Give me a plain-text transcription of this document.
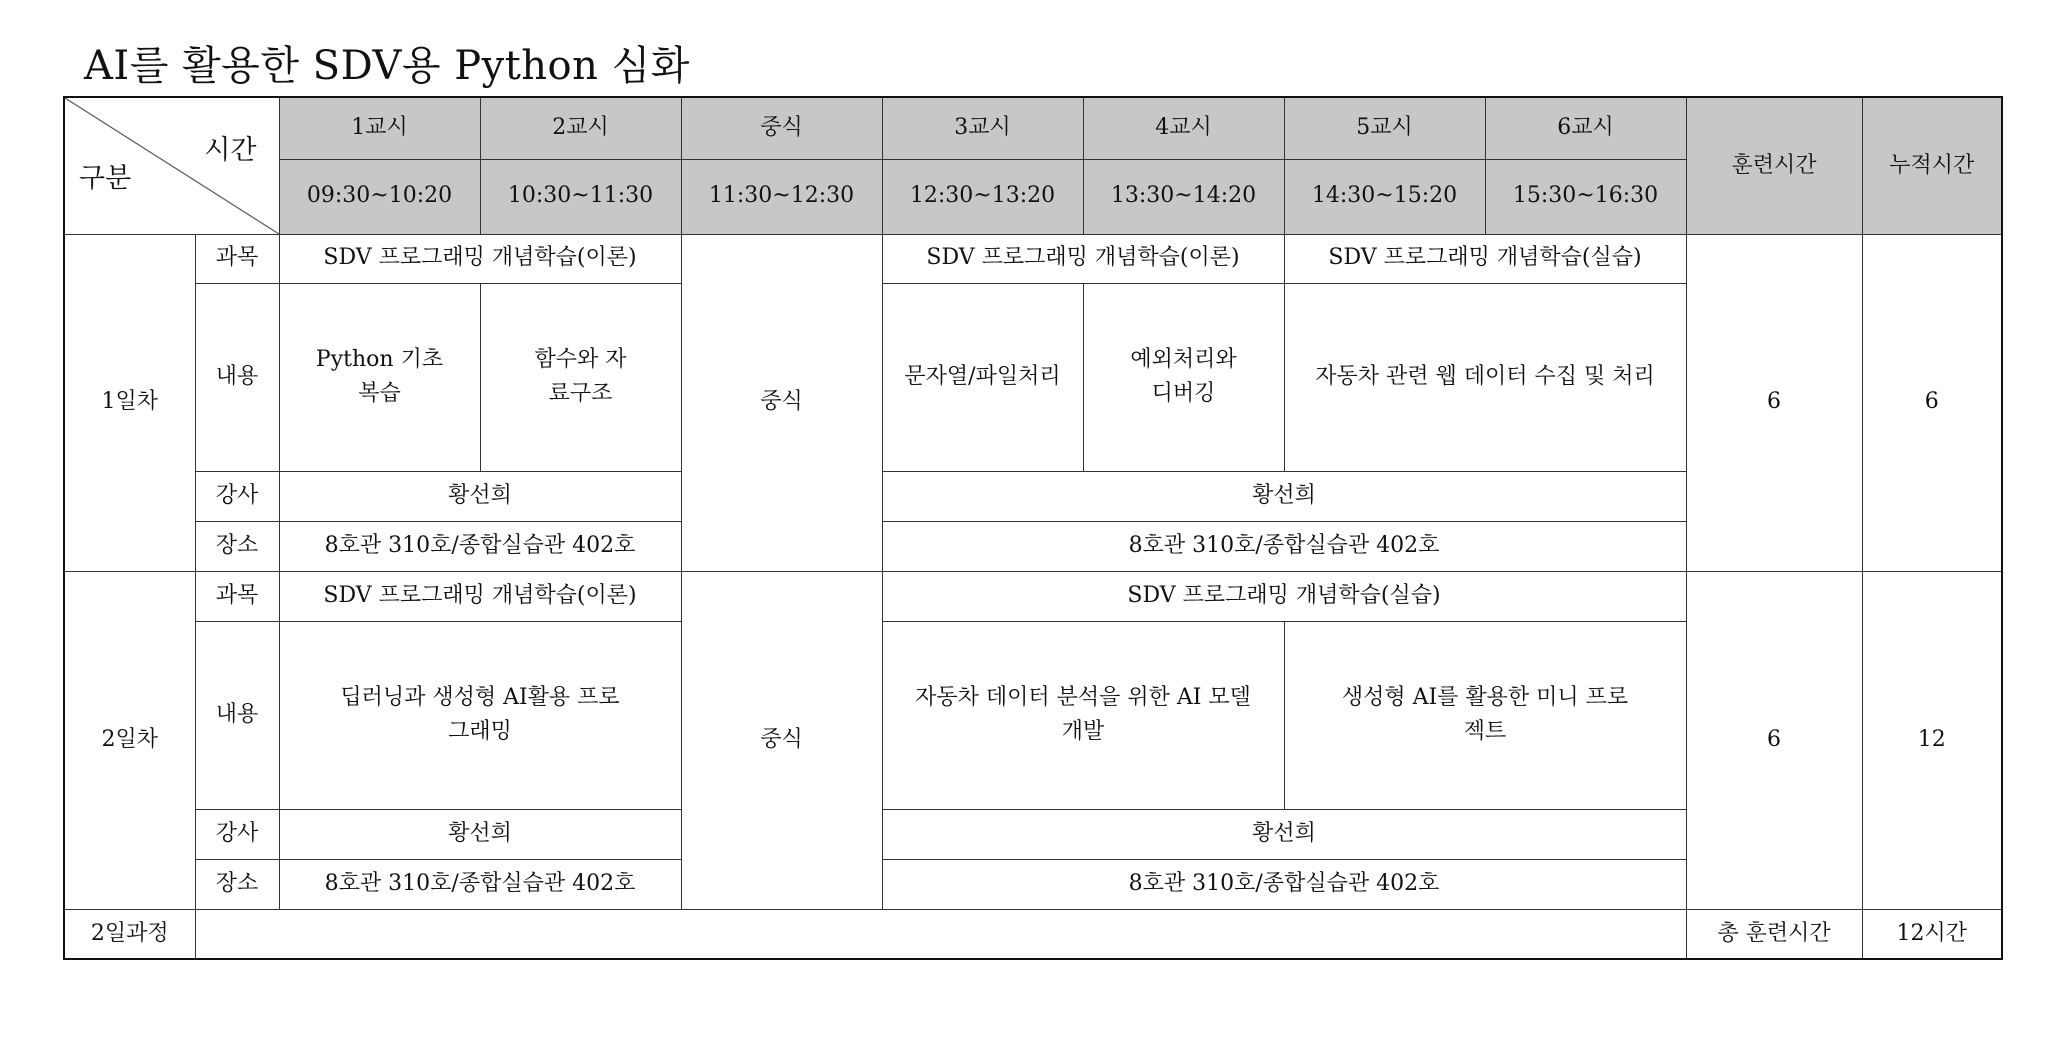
AI를 활용한 SDV용 Python 심화
시간
구분		1교시	2교시	중식	3교시	4교시	5교시	6교시	훈련시간	누적시간
		09:30~10:20	10:30~11:30	11:30~12:30	12:30~13:20	13:30~14:20	14:30~15:20	15:30~16:30		
1일차	과목	SDV 프로그래밍 개념학습(이론)		중식	SDV 프로그래밍 개념학습(이론)		SDV 프로그래밍 개념학습(실습)		6	6
	내용	Python 기초 복습	함수와 자료구조		문자열/파일처리	예외처리와 디버깅	자동차 관련 웹 데이터 수집 및 처리			

	강사	황선희			황선희					
	장소	8호관 310호/종합실습관 402호			8호관 310호/종합실습관 402호					
2일차	과목	SDV 프로그래밍 개념학습(이론)		중식	SDV 프로그래밍 개념학습(실습)				6	12
	내용	딥러닝과 생성형 AI활용 프로그래밍			자동차 데이터 분석을 위한 AI 모델 개발		생성형 AI를 활용한 미니 프로젝트			

	강사	황선희			황선희					
	장소	8호관 310호/종합실습관 402호			8호관 310호/종합실습관 402호					
2일과정									총 훈련시간	12시간
